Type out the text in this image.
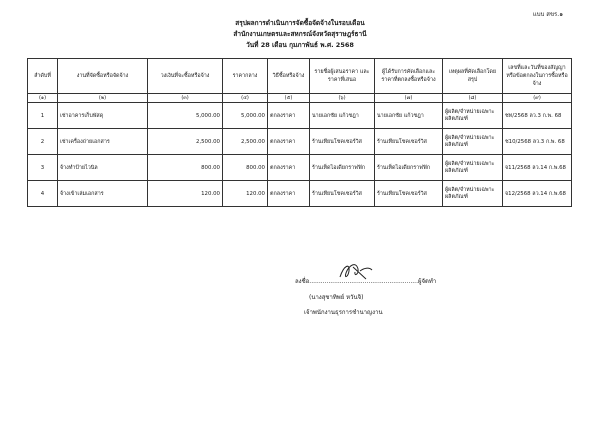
แบบ สขร.๑
สรุปผลการดำเนินการจัดซื้อจัดจ้างในรอบเดือน
สำนักงานเกษตรและสหกรณ์จังหวัดสุราษฎร์ธานี
วันที่ 28 เดือน กุมภาพันธ์ พ.ศ. 2568
ลำดับที่	งานที่จัดซื้อหรือจัดจ้าง	วงเงินที่จะซื้อหรือจ้าง	ราคากลาง	วิธีซื้อหรือจ้าง	รายชื่อผู้เสนอราคา และราคาที่เสนอ	ผู้ได้รับการคัดเลือกและราคาที่ตกลงซื้อหรือจ้าง	เหตุผลที่คัดเลือกโดยสรุป	เลขที่และวันที่ของสัญญาหรือข้อตกลงในการซื้อหรือจ้าง
(๑)	(๒)	(๓)	(๔)	(๕)	(๖)	(๗)	(๘)	(๙)
1	เช่าอาคารเก็บพัสดุ	5,000.00	5,000.00	ตกลงราคา	นายเอกชัย แก้วชฎา	นายเอกชัย แก้วชฎา	ผู้ผลิต/จำหน่ายเฉพาะ ผลิตภัณฑ์	ชท/2568 ลว.3 ก.พ. 68
2	เช่าเครื่องถ่ายเอกสาร	2,500.00	2,500.00	ตกลงราคา	ร้านเทียนโชคเซอร์วิส	ร้านเทียนโชคเซอร์วิส	ผู้ผลิต/จำหน่ายเฉพาะ ผลิตภัณฑ์	ช10/2568 ลว.3 ก.พ. 68
3	จ้างทำป้ายไวนิล	800.00	800.00	ตกลงราคา	ร้านเท็ดไอเดียกราฟฟิก	ร้านเท็ดไอเดียกราฟฟิก	ผู้ผลิต/จำหน่ายเฉพาะ ผลิตภัณฑ์	จ11/2568 ลว.14 ก.พ.68
4	จ้างเข้าเล่มเอกสาร	120.00	120.00	ตกลงราคา	ร้านเทียนโชคเซอร์วิส	ร้านเทียนโชคเซอร์วิส	ผู้ผลิต/จำหน่ายเฉพาะ ผลิตภัณฑ์	จ12/2568 ลว.14 ก.พ.68
ลงชื่อ.........................................................ผู้จัดทำ
(นางสุชาทิพย์ หวันจิ)
เจ้าพนักงานธุรการชำนาญงาน
